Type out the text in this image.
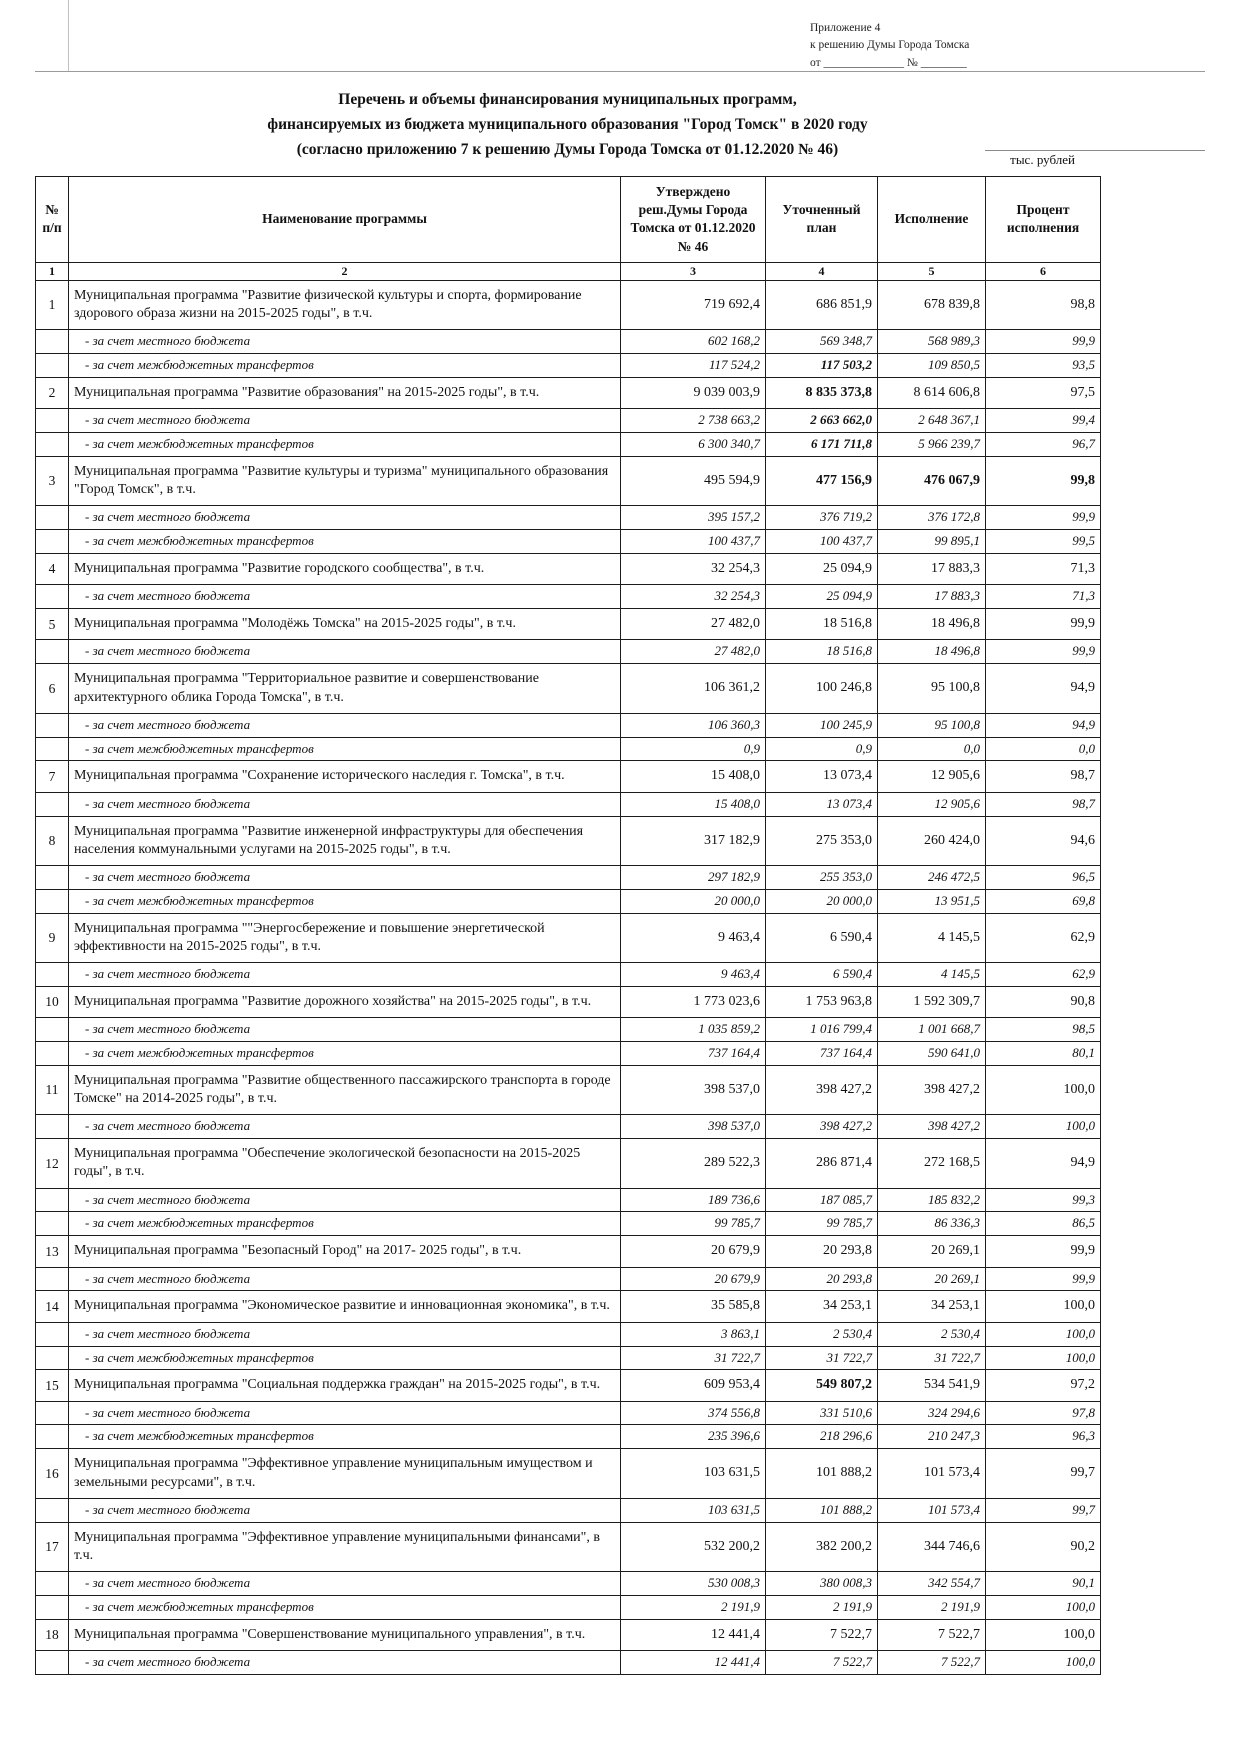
Приложение 4
к решению Думы Города Томска
от ______________ № ________
Перечень и объемы финансирования муниципальных программ,
финансируемых из бюджета муниципального образования "Город Томск" в 2020 году
(согласно приложению 7 к решению Думы Города Томска от 01.12.2020 № 46)
тыс. рублей
№ п/п	Наименование программы	Утверждено реш.Думы Города Томска от 01.12.2020 № 46	Уточненный план	Исполнение	Процент исполнения
1	2	3	4	5	6
1	Муниципальная программа "Развитие физической культуры и спорта, формирование здорового образа жизни на 2015-2025 годы", в т.ч.	719 692,4	686 851,9	678 839,8	98,8
	- за счет местного бюджета	602 168,2	569 348,7	568 989,3	99,9
	- за счет межбюджетных трансфертов	117 524,2	117 503,2	109 850,5	93,5
2	Муниципальная программа "Развитие образования" на 2015-2025 годы", в т.ч.	9 039 003,9	8 835 373,8	8 614 606,8	97,5
	- за счет местного бюджета	2 738 663,2	2 663 662,0	2 648 367,1	99,4
	- за счет межбюджетных трансфертов	6 300 340,7	6 171 711,8	5 966 239,7	96,7
3	Муниципальная программа "Развитие культуры и туризма" муниципального образования "Город Томск", в т.ч.	495 594,9	477 156,9	476 067,9	99,8
	- за счет местного бюджета	395 157,2	376 719,2	376 172,8	99,9
	- за счет межбюджетных трансфертов	100 437,7	100 437,7	99 895,1	99,5
4	Муниципальная программа "Развитие городского сообщества", в т.ч.	32 254,3	25 094,9	17 883,3	71,3
	- за счет местного бюджета	32 254,3	25 094,9	17 883,3	71,3
5	Муниципальная программа "Молодёжь Томска" на 2015-2025 годы", в т.ч.	27 482,0	18 516,8	18 496,8	99,9
	- за счет местного бюджета	27 482,0	18 516,8	18 496,8	99,9
6	Муниципальная программа "Территориальное развитие и совершенствование архитектурного облика Города Томска", в т.ч.	106 361,2	100 246,8	95 100,8	94,9
	- за счет местного бюджета	106 360,3	100 245,9	95 100,8	94,9
	- за счет межбюджетных трансфертов	0,9	0,9	0,0	0,0
7	Муниципальная программа "Сохранение исторического наследия г. Томска", в т.ч.	15 408,0	13 073,4	12 905,6	98,7
	- за счет местного бюджета	15 408,0	13 073,4	12 905,6	98,7
8	Муниципальная программа "Развитие инженерной инфраструктуры для обеспечения населения коммунальными услугами на 2015-2025 годы", в т.ч.	317 182,9	275 353,0	260 424,0	94,6
	- за счет местного бюджета	297 182,9	255 353,0	246 472,5	96,5
	- за счет межбюджетных трансфертов	20 000,0	20 000,0	13 951,5	69,8
9	Муниципальная программа ""Энергосбережение и повышение энергетической эффективности на 2015-2025 годы", в т.ч.	9 463,4	6 590,4	4 145,5	62,9
	- за счет местного бюджета	9 463,4	6 590,4	4 145,5	62,9
10	Муниципальная программа "Развитие дорожного хозяйства" на 2015-2025 годы", в т.ч.	1 773 023,6	1 753 963,8	1 592 309,7	90,8
	- за счет местного бюджета	1 035 859,2	1 016 799,4	1 001 668,7	98,5
	- за счет межбюджетных трансфертов	737 164,4	737 164,4	590 641,0	80,1
11	Муниципальная программа "Развитие общественного пассажирского транспорта в городе Томске" на 2014-2025 годы", в т.ч.	398 537,0	398 427,2	398 427,2	100,0
	- за счет местного бюджета	398 537,0	398 427,2	398 427,2	100,0
12	Муниципальная программа "Обеспечение экологической безопасности на 2015-2025 годы", в т.ч.	289 522,3	286 871,4	272 168,5	94,9
	- за счет местного бюджета	189 736,6	187 085,7	185 832,2	99,3
	- за счет межбюджетных трансфертов	99 785,7	99 785,7	86 336,3	86,5
13	Муниципальная программа "Безопасный Город" на 2017- 2025 годы", в т.ч.	20 679,9	20 293,8	20 269,1	99,9
	- за счет местного бюджета	20 679,9	20 293,8	20 269,1	99,9
14	Муниципальная программа "Экономическое развитие и инновационная экономика", в т.ч.	35 585,8	34 253,1	34 253,1	100,0
	- за счет местного бюджета	3 863,1	2 530,4	2 530,4	100,0
	- за счет межбюджетных трансфертов	31 722,7	31 722,7	31 722,7	100,0
15	Муниципальная программа "Социальная поддержка граждан" на 2015-2025 годы", в т.ч.	609 953,4	549 807,2	534 541,9	97,2
	- за счет местного бюджета	374 556,8	331 510,6	324 294,6	97,8
	- за счет межбюджетных трансфертов	235 396,6	218 296,6	210 247,3	96,3
16	Муниципальная программа "Эффективное управление муниципальным имуществом и земельными ресурсами", в т.ч.	103 631,5	101 888,2	101 573,4	99,7
	- за счет местного бюджета	103 631,5	101 888,2	101 573,4	99,7
17	Муниципальная программа "Эффективное управление муниципальными финансами", в т.ч.	532 200,2	382 200,2	344 746,6	90,2
	- за счет местного бюджета	530 008,3	380 008,3	342 554,7	90,1
	- за счет межбюджетных трансфертов	2 191,9	2 191,9	2 191,9	100,0
18	Муниципальная программа "Совершенствование муниципального управления", в т.ч.	12 441,4	7 522,7	7 522,7	100,0
	- за счет местного бюджета	12 441,4	7 522,7	7 522,7	100,0
